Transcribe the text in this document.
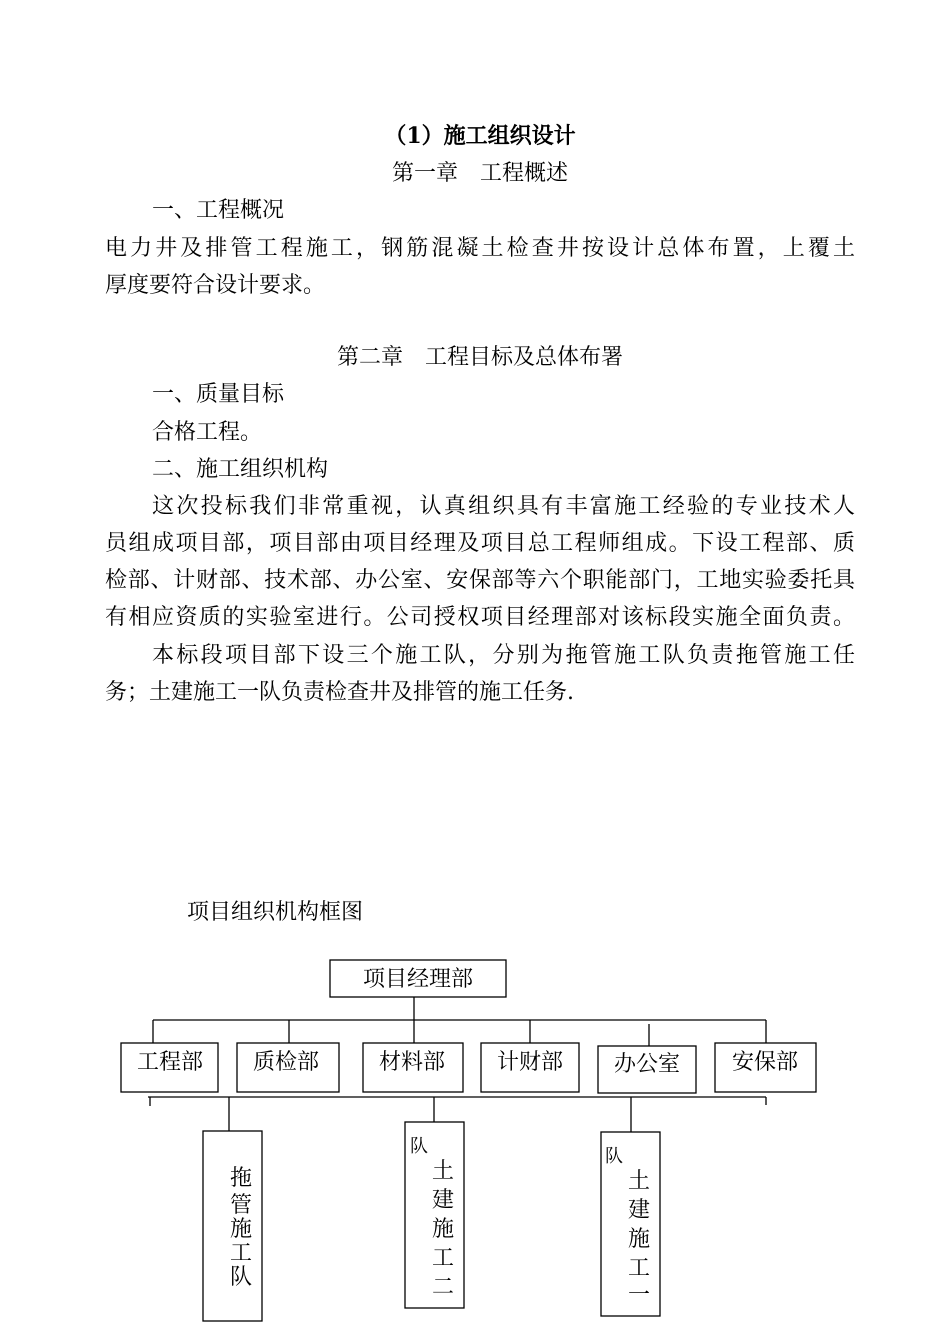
（1）施工组织设计
第一章　工程概述
一、工程概况
电力井及排管工程施工，钢筋混凝土检查井按设计总体布置，上覆土
厚度要符合设计要求。
第二章　工程目标及总体布署
一、质量目标
合格工程。
二、施工组织机构
这次投标我们非常重视，认真组织具有丰富施工经验的专业技术人
员组成项目部，项目部由项目经理及项目总工程师组成。下设工程部、质
检部、计财部、技术部、办公室、安保部等六个职能部门，工地实验委托具
有相应资质的实验室进行。公司授权项目经理部对该标段实施全面负责。
本标段项目部下设三个施工队，分别为拖管施工队负责拖管施工任
务；土建施工一队负责检查井及排管的施工任务.
项目组织机构框图
项目经理部
工程部 质检部	材料部 计财部 办公室 安保部
拖
管
施
工
队
队
土
建
施
工
二
队
土
建
施
工
一
